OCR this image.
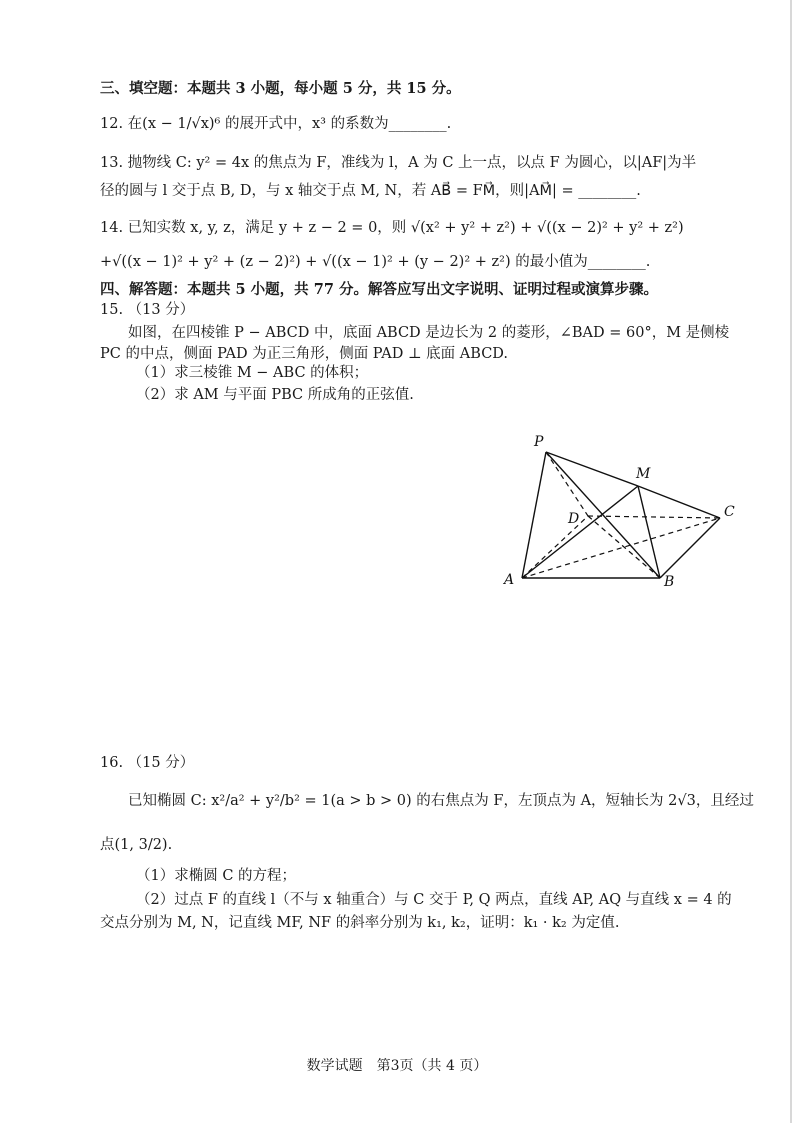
三、填空题：本题共 3 小题，每小题 5 分，共 15 分。
12. 在(x − 1/√x)⁶ 的展开式中，x³ 的系数为________.
13. 抛物线 C: y² = 4x 的焦点为 F，准线为 l，A 为 C 上一点，以点 F 为圆心，以|AF|为半
径的圆与 l 交于点 B, D，与 x 轴交于点 M, N，若 AB⃗ = FM⃗，则|AM⃗| = ________.
14. 已知实数 x, y, z，满足 y + z − 2 = 0，则 √(x² + y² + z²) + √((x − 2)² + y² + z²)
+√((x − 1)² + y² + (z − 2)²) + √((x − 1)² + (y − 2)² + z²) 的最小值为________.
四、解答题：本题共 5 小题，共 77 分。解答应写出文字说明、证明过程或演算步骤。
15. （13 分）
如图，在四棱锥 P − ABCD 中，底面 ABCD 是边长为 2 的菱形，∠BAD = 60°，M 是侧棱
PC 的中点，侧面 PAD 为正三角形，侧面 PAD ⊥ 底面 ABCD.
（1）求三棱锥 M − ABC 的体积；
（2）求 AM 与平面 PBC 所成角的正弦值.
P
M
D	C
A	B
16. （15 分）
已知椭圆 C: x²/a² + y²/b² = 1(a > b > 0) 的右焦点为 F，左顶点为 A，短轴长为 2√3，且经过
点(1, 3/2).
（1）求椭圆 C 的方程；
（2）过点 F 的直线 l（不与 x 轴重合）与 C 交于 P, Q 两点，直线 AP, AQ 与直线 x = 4 的
交点分别为 M, N，记直线 MF, NF 的斜率分别为 k₁, k₂，证明：k₁ · k₂ 为定值.
数学试题　第3页（共 4 页）
